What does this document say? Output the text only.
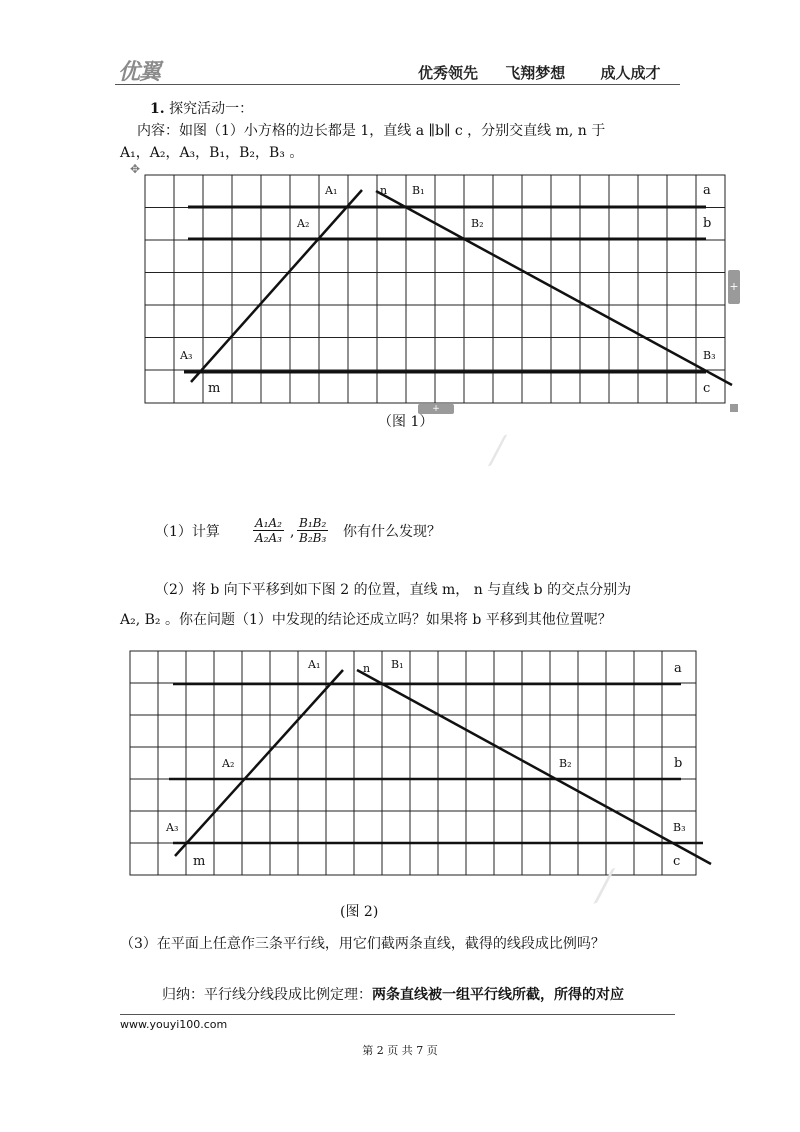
优翼	优秀领先 飞翔梦想 成人成才
1. 探究活动一：
内容：如图（1）小方格的边长都是 1，直线 a ∥b∥ c ，分别交直线 m, n 于
A₁，A₂，A₃，B₁，B₂，B₃ 。
✥
+
+
A₁	n B₁	a
A₂	B₂	b
A₃	B₃
m	c
（图 1）
⟋
（1）计算	$\frac{\text{A₁A₂}}{\text{A₂A₃}}$ , $\frac{\text{B₁B₂}}{\text{B₂B₃}}$ 你有什么发现？
（2）将 b 向下平移到如下图 2 的位置，直线 m， n 与直线 b 的交点分别为
A₂, B₂ 。你在问题（1）中发现的结论还成立吗？如果将 b 平移到其他位置呢？
A₁	n B₁	a
A₂	B₂	b
A₃	B₃
m	c
⟋
(图 2)
（3）在平面上任意作三条平行线，用它们截两条直线，截得的线段成比例吗？
归纳：平行线分线段成比例定理：两条直线被一组平行线所截，所得的对应
www.youyi100.com
第 2 页 共 7 页
